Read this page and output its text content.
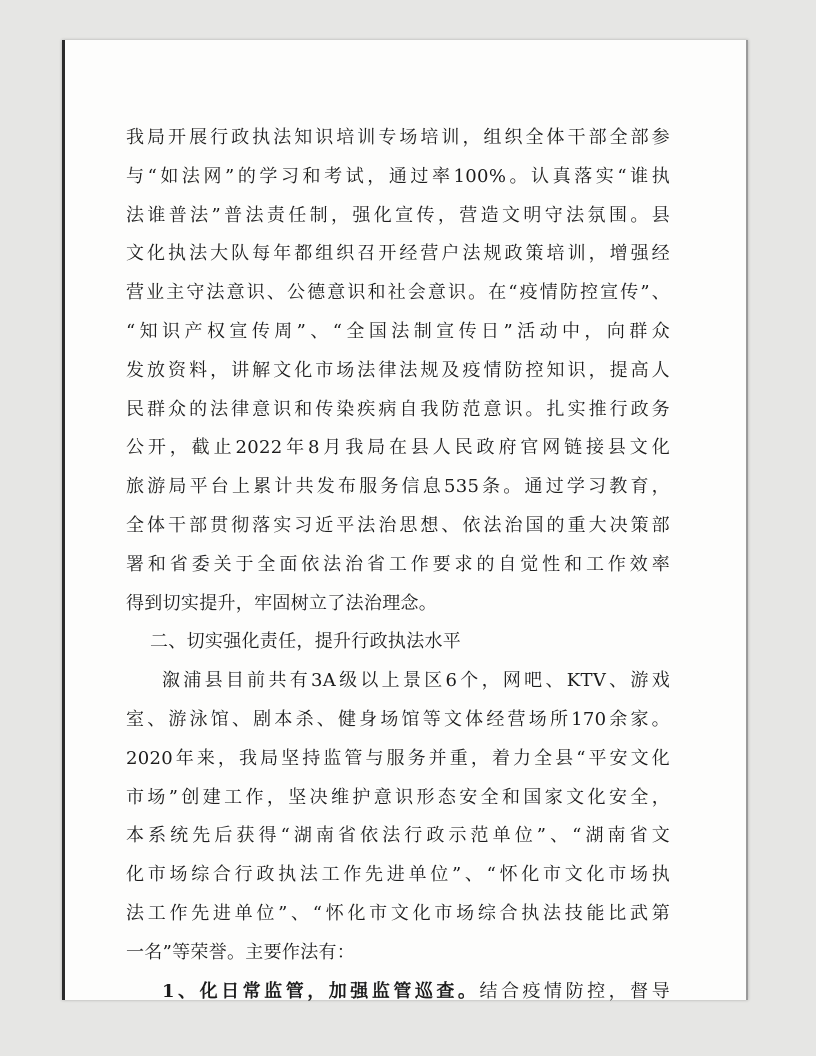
我局开展行政执法知识培训专场培训，组织全体干部全部参
与“如法网”的学习和考试，通过率100%。认真落实“谁执
法谁普法”普法责任制，强化宣传，营造文明守法氛围。县
文化执法大队每年都组织召开经营户法规政策培训，增强经
营业主守法意识、公德意识和社会意识。在“疫情防控宣传”、
“知识产权宣传周”、“全国法制宣传日”活动中，向群众
发放资料，讲解文化市场法律法规及疫情防控知识，提高人
民群众的法律意识和传染疾病自我防范意识。扎实推行政务
公开，截止2022年8月我局在县人民政府官网链接县文化
旅游局平台上累计共发布服务信息535条。通过学习教育，
全体干部贯彻落实习近平法治思想、依法治国的重大决策部
署和省委关于全面依法治省工作要求的自觉性和工作效率
得到切实提升，牢固树立了法治理念。
二、切实强化责任，提升行政执法水平
溆浦县目前共有3A级以上景区6个，网吧、KTV、游戏
室、游泳馆、剧本杀、健身场馆等文体经营场所170余家。
2020年来，我局坚持监管与服务并重，着力全县“平安文化
市场”创建工作，坚决维护意识形态安全和国家文化安全，
本系统先后获得“湖南省依法行政示范单位”、“湖南省文
化市场综合行政执法工作先进单位”、“怀化市文化市场执
法工作先进单位”、“怀化市文化市场综合执法技能比武第
一名”等荣誉。主要作法有：
1、化日常监管，加强监管巡查。结合疫情防控，督导
